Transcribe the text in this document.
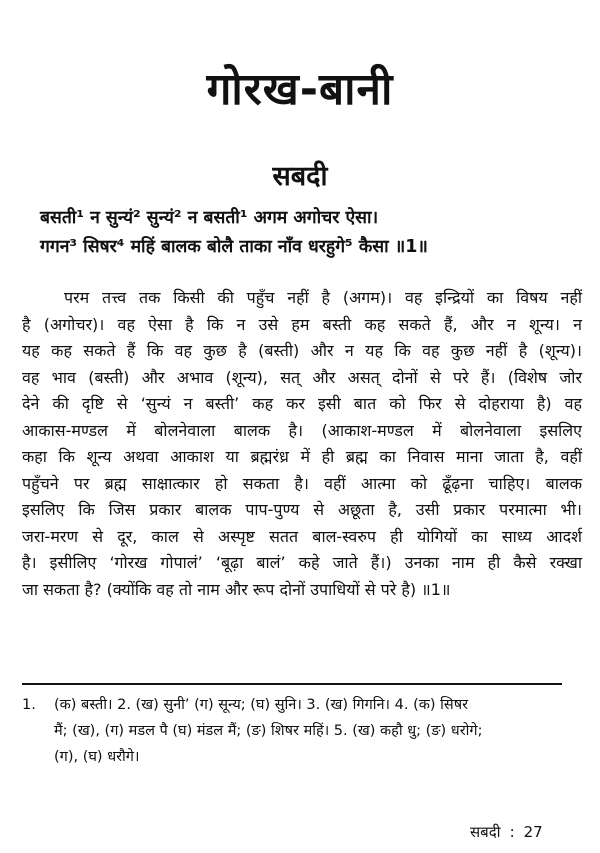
गोरख-बानी
सबदी
बसती¹ न सुन्यं² सुन्यं² न बसती¹ अगम अगोचर ऐसा।
गगन³ सिषर⁴ महिं बालक बोलै ताका नाँव धरहुगे⁵ कैसा ॥1॥
परम तत्त्व तक किसी की पहुँच नहीं है (अगम)। वह इन्द्रियों का विषय नहीं
है (अगोचर)। वह ऐसा है कि न उसे हम बस्ती कह सकते हैं, और न शून्य। न
यह कह सकते हैं कि वह कुछ है (बस्ती) और न यह कि वह कुछ नहीं है (शून्य)।
वह भाव (बस्ती) और अभाव (शून्य), सत् और असत् दोनों से परे हैं। (विशेष जोर
देने की दृष्टि से ‘सुन्यं न बस्ती’ कह कर इसी बात को फिर से दोहराया है) वह
आकास-मण्डल में बोलनेवाला बालक है। (आकाश-मण्डल में बोलनेवाला इसलिए
कहा कि शून्य अथवा आकाश या ब्रह्मरंध्र में ही ब्रह्म का निवास माना जाता है, वहीं
पहुँचने पर ब्रह्म साक्षात्कार हो सकता है। वहीं आत्मा को ढूँढ़ना चाहिए। बालक
इसलिए कि जिस प्रकार बालक पाप-पुण्य से अछूता है, उसी प्रकार परमात्मा भी।
जरा-मरण से दूर, काल से अस्पृष्ट सतत बाल-स्वरुप ही योगियों का साध्य आदर्श
है। इसीलिए ‘गोरख गोपालं’ ‘बूढ़ा बालं’ कहे जाते हैं।) उनका नाम ही कैसे रक्खा
जा सकता है? (क्योंकि वह तो नाम और रूप दोनों उपाधियों से परे है) ॥1॥
1. (क) बस्ती। 2. (ख) सुनी’ (ग) सून्य; (घ) सुनि। 3. (ख) गिगनि। 4. (क) सिषर
मैं; (ख), (ग) मडल पै (घ) मंडल मैं; (ङ) शिषर महिं। 5. (ख) कहौ धु; (ङ) धरोगे;
(ग), (घ) धरौगे।
सबदी : 27
